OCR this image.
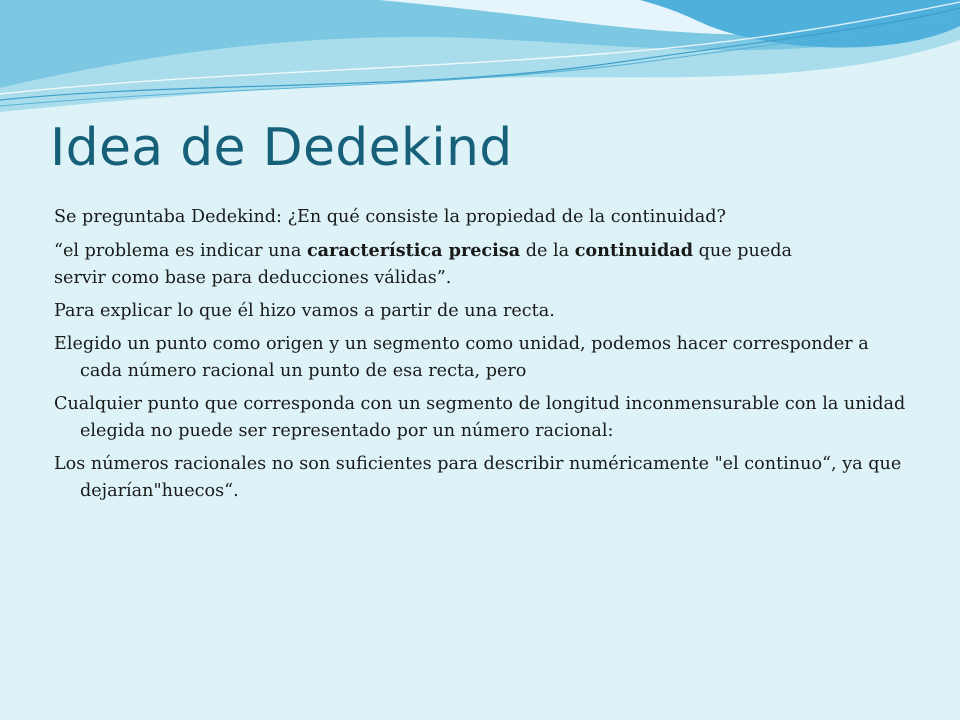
Idea de Dedekind

Se preguntaba Dedekind: ¿En qué consiste la propiedad de la continuidad?

“el problema es indicar una característica precisa de la continuidad que pueda
servir como base para deducciones válidas”.

Para explicar lo que él hizo vamos a partir de una recta.

Elegido un punto como origen y un segmento como unidad, podemos hacer corresponder a cada número racional un punto de esa recta, pero

Cualquier punto que corresponda con un segmento de longitud inconmensurable con la unidad elegida no puede ser representado por un número racional:

Los números racionales no son suficientes para describir numéricamente "el continuo“, ya que dejarían"huecos“.
